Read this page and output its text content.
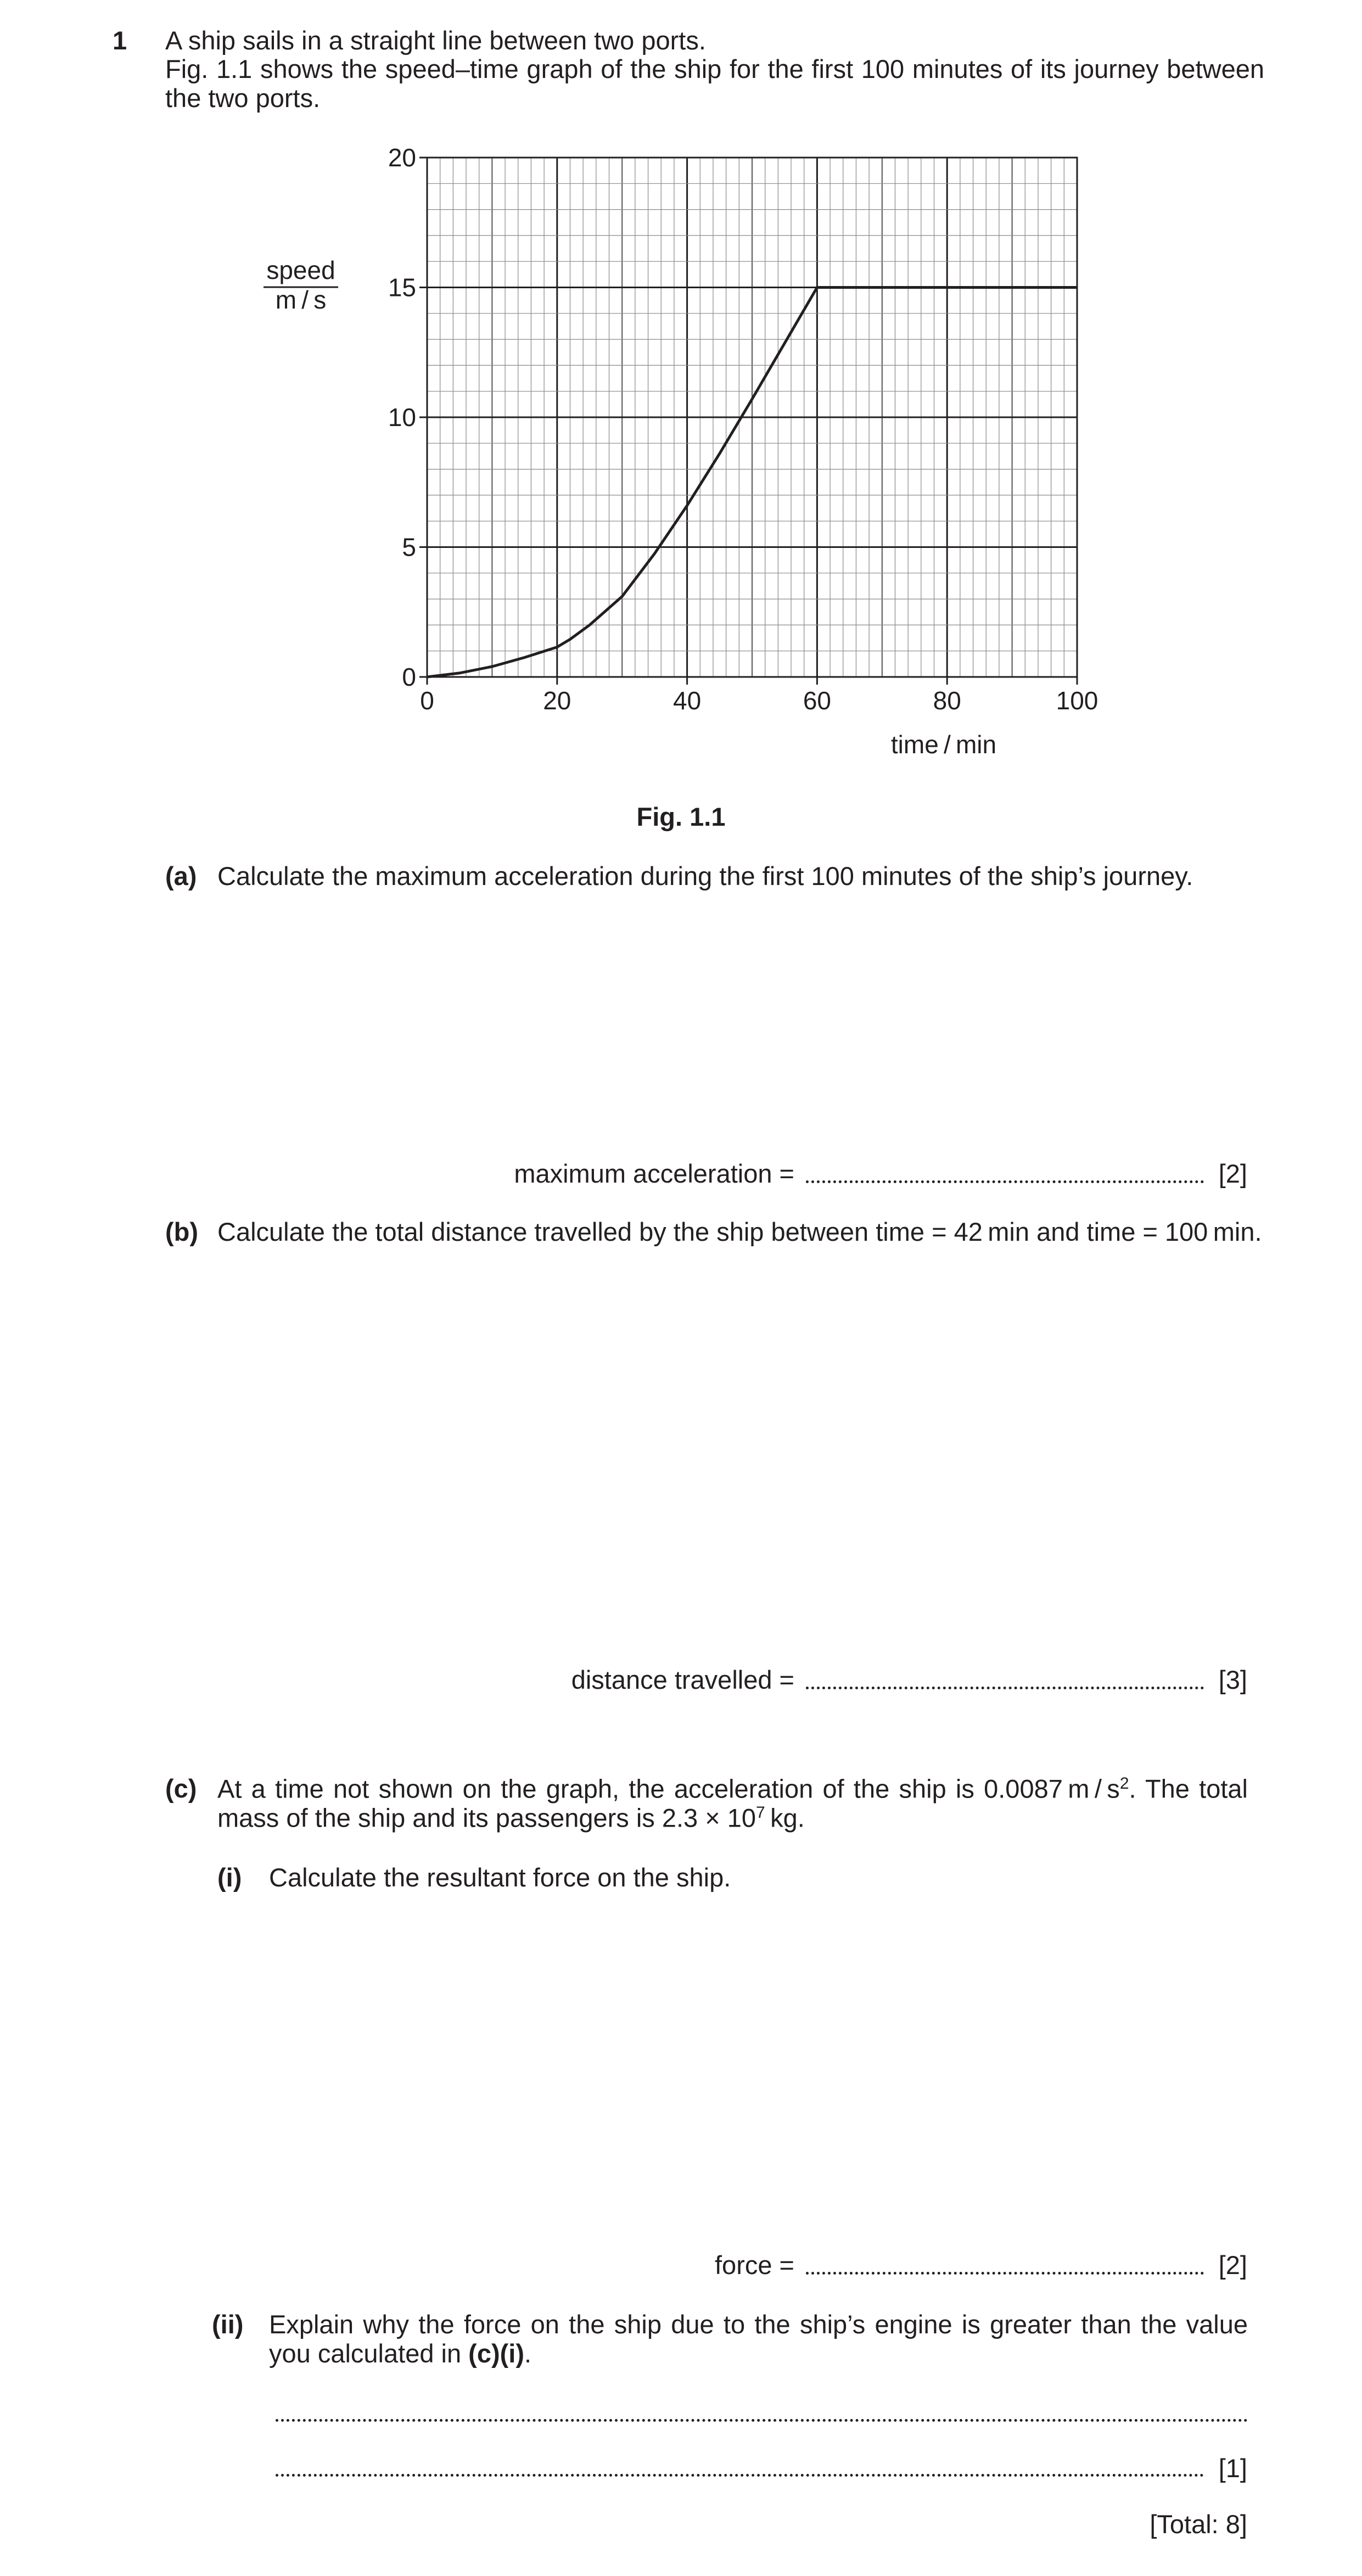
1 A ship sails in a straight line between two ports.
Fig. 1.1 shows the speed–time graph of the ship for the first 100 minutes of its journey between the two ports.
0	20	40	60	80	100
0
5
10
15
20
speed
m / s
time / min
Fig. 1.1
(a) Calculate the maximum acceleration during the first 100 minutes of the ship’s journey.
maximum acceleration =	[2]
(b) Calculate the total distance travelled by the ship between time = 42 min and time = 100 min.
distance travelled =	[3]
(c) At a time not shown on the graph, the acceleration of the ship is 0.0087 m / $s^2$. The total mass of the ship and its passengers is $2.3 \times 10^7$ kg.
(i) Calculate the resultant force on the ship.
force =	[2]
(ii) Explain why the force on the ship due to the ship’s engine is greater than the value you calculated in (c)(i).
[1]
[Total: 8]
